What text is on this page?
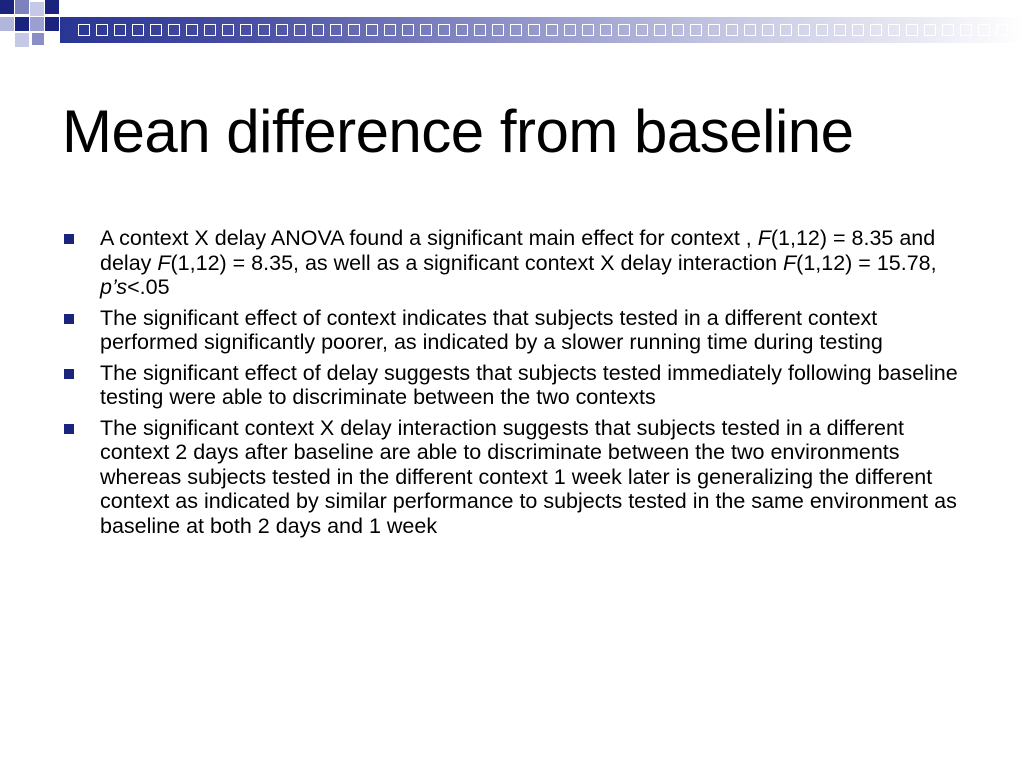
Mean difference from baseline
A context X delay ANOVA found a significant main effect for context , F(1,12) = 8.35 and delay F(1,12) = 8.35, as well as a significant context X delay interaction F(1,12) = 15.78, p’s<.05
The significant effect of context indicates that subjects tested in a different context performed significantly poorer, as indicated by a slower running time during testing
The significant effect of delay suggests that subjects tested immediately following baseline testing were able to discriminate between the two contexts
The significant context X delay interaction suggests that subjects tested in a different context 2 days after baseline are able to discriminate between the two environments whereas subjects tested in the different context 1 week later is generalizing the different context as indicated by similar performance to subjects tested in the same environment as baseline at both 2 days and 1 week
